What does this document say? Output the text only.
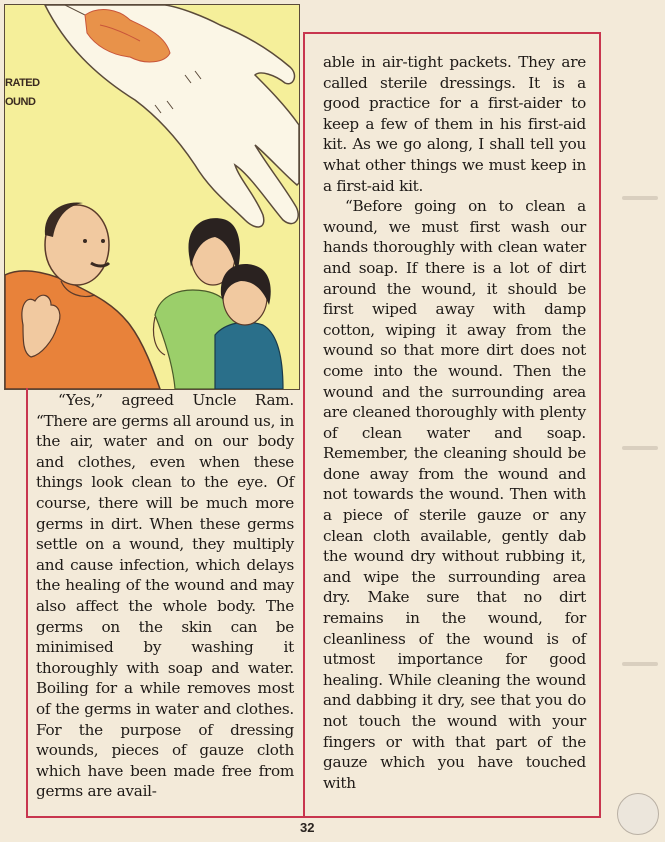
RATED
OUND

“Yes,” agreed Uncle Ram. “There are germs all around us, in the air, water and on our body and clothes, even when these things look clean to the eye. Of course, there will be much more germs in dirt. When these germs settle on a wound, they multiply and cause infection, which delays the healing of the wound and may also affect the whole body. The germs on the skin can be minimised by washing it thoroughly with soap and water. Boiling for a while removes most of the germs in water and clothes. For the purpose of dressing wounds, pieces of gauze cloth which have been made free from germs are avail-

able in air-tight packets. They are called sterile dressings. It is a good practice for a first-aider to keep a few of them in his first-aid kit. As we go along, I shall tell you what other things we must keep in a first-aid kit.

“Before going on to clean a wound, we must first wash our hands thoroughly with clean water and soap. If there is a lot of dirt around the wound, it should be first wiped away with damp cotton, wiping it away from the wound so that more dirt does not come into the wound. Then the wound and the surrounding area are cleaned thoroughly with plenty of clean water and soap. Remember, the cleaning should be done away from the wound and not towards the wound. Then with a piece of sterile gauze or any clean cloth available, gently dab the wound dry without rubbing it, and wipe the surrounding area dry. Make sure that no dirt remains in the wound, for cleanliness of the wound is of utmost importance for good healing. While cleaning the wound and dabbing it dry, see that you do not touch the wound with your fingers or with that part of the gauze which you have touched with

32
